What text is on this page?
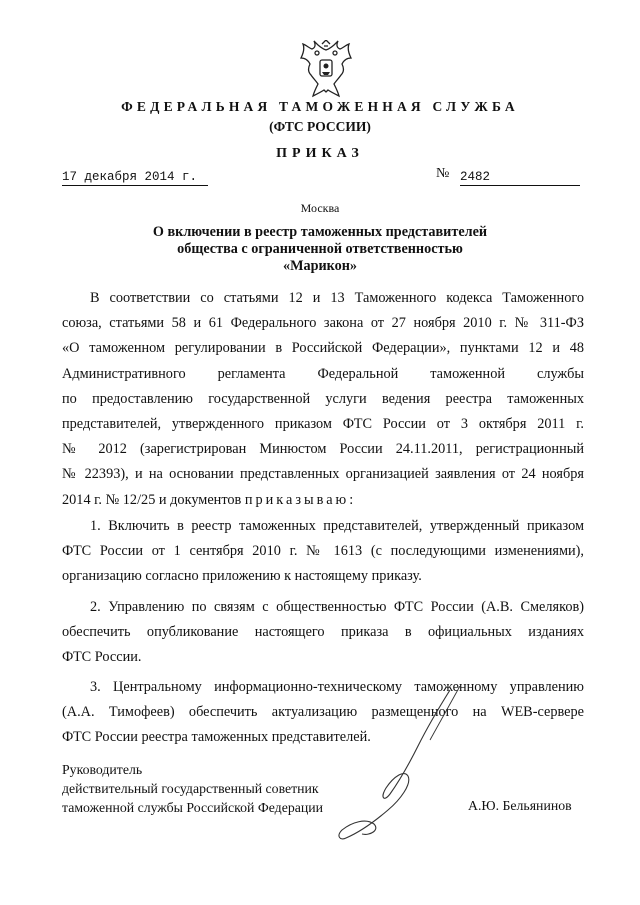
ФЕДЕРАЛЬНАЯ ТАМОЖЕННАЯ СЛУЖБА
(ФТС РОССИИ)
ПРИКАЗ
17 декабря 2014 г.	№ 2482
Москва
О включении в реестр таможенных представителей
общества с ограниченной ответственностью
«Марикон»
В соответствии со статьями 12 и 13 Таможенного кодекса Таможенного
союза, статьями 58 и 61 Федерального закона от 27 ноября 2010 г. № 311-ФЗ
«О таможенном регулировании в Российской Федерации», пунктами 12 и 48
Административного регламента Федеральной таможенной службы
по предоставлению государственной услуги ведения реестра таможенных
представителей, утвержденного приказом ФТС России от 3 октября 2011 г.
№ 2012 (зарегистрирован Минюстом России 24.11.2011, регистрационный
№ 22393), и на основании представленных организацией заявления от 24 ноября
2014 г. № 12/25 и документов приказываю:
1. Включить в реестр таможенных представителей, утвержденный приказом
ФТС России от 1 сентября 2010 г. № 1613 (с последующими изменениями),
организацию согласно приложению к настоящему приказу.
2. Управлению по связям с общественностью ФТС России (А.В. Смеляков)
обеспечить опубликование настоящего приказа в официальных изданиях
ФТС России.
3. Центральному информационно-техническому таможенному управлению
(А.А. Тимофеев) обеспечить актуализацию размещенного на WEB-сервере
ФТС России реестра таможенных представителей.
Руководитель
действительный государственный советник
таможенной службы Российской Федерации	А.Ю. Бельянинов
